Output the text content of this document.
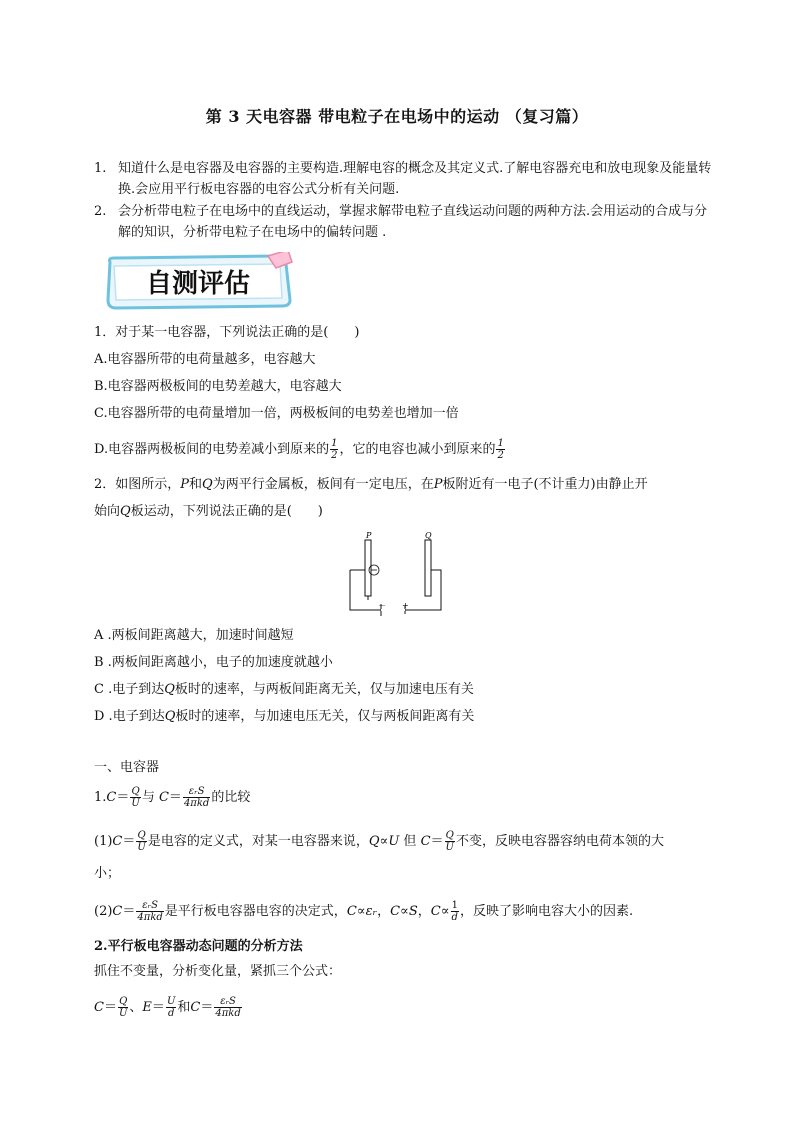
第 3 天电容器 带电粒子在电场中的运动 （复习篇）
1. 知道什么是电容器及电容器的主要构造.理解电容的概念及其定义式.了解电容器充电和放电现象及能量转换.会应用平行板电容器的电容公式分析有关问题.
2. 会分析带电粒子在电场中的直线运动，掌握求解带电粒子直线运动问题的两种方法.会用运动的合成与分解的知识，分析带电粒子在电场中的偏转问题 .
自测评估
1．对于某一电容器，下列说法正确的是(　　)
A.电容器所带的电荷量越多，电容越大
B.电容器两极板间的电势差越大，电容越大
C.电容器所带的电荷量增加一倍，两极板间的电势差也增加一倍
D.电容器两极板间的电势差减小到原来的 $\frac{1}{2}$ ，它的电容也减小到原来的 $\frac{1}{2}$
2．如图所示，P和Q为两平行金属板，板间有一定电压，在P板附近有一电子(不计重力)由静止开
始向Q板运动，下列说法正确的是(　　)
P	Q
－ +
A .两板间距离越大，加速时间越短
B .两板间距离越小，电子的加速度就越小
C .电子到达Q板时的速率，与两板间距离无关，仅与加速电压有关
D .电子到达Q板时的速率，与加速电压无关，仅与两板间距离有关
一、电容器
$1.C= \frac{Q}{U}$ 与 $C= \frac{\text{εᵣS}}{\text{4πkd}}$ 的比较
$(1)C= \frac{Q}{U}$ 是电容的定义式，对某一电容器来说，Q∝U 但 $C= \frac{Q}{U}$ 不变，反映电容器容纳电荷本领的大
小；
$(2)C= \frac{\text{εᵣS}}{\text{4πkd}}$ 是平行板电容器电容的决定式，C∝εᵣ，C∝S，$C\propto \frac{1}{d}$ ，反映了影响电容大小的因素.
2.平行板电容器动态问题的分析方法
抓住不变量，分析变化量，紧抓三个公式：
$C= \frac{Q}{U}$ 、$E= \frac{U}{d}$ 和$C= \frac{\text{εᵣS}}{\text{4πkd}}$
